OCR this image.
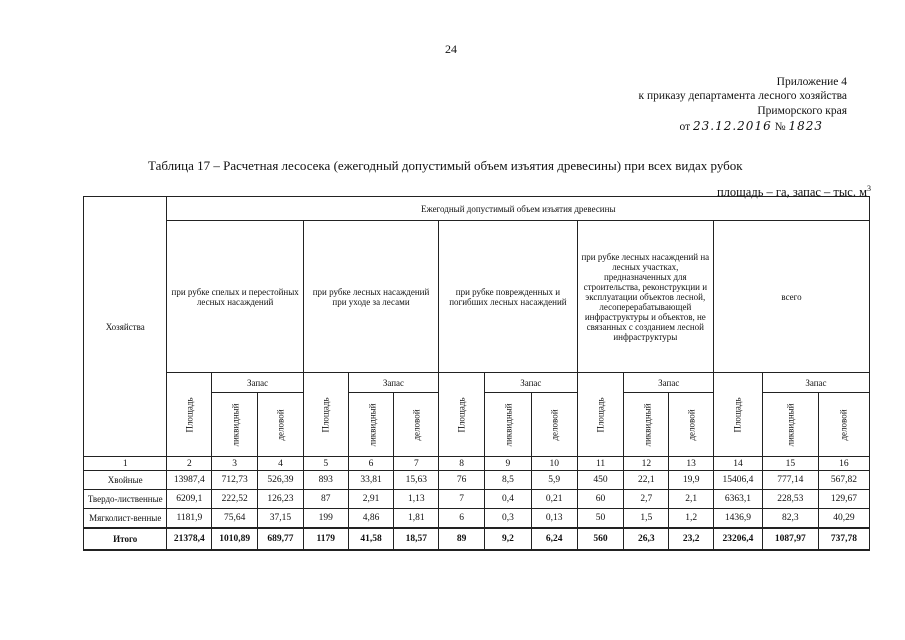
24
Приложение 4
к приказу департамента лесного хозяйства
Приморского края
от 23.12.2016 № 1823
Таблица 17 – Расчетная лесосека (ежегодный допустимый объем изъятия древесины) при всех видах рубок
площадь – га, запас – тыс. $м^3$
Хозяйства	Ежегодный допустимый объем изъятия древесины														
	при рубке спелых и перестойных лесных насаждений			при рубке лесных насаждений при уходе за лесами			при рубке поврежденных и погибших лесных насаждений			при рубке лесных насаждений на лесных участках, предназначенных для строительства, реконструкции и эксплуатации объектов лесной, лесоперерабатывающей инфраструктуры и объектов, не связанных с созданием лесной инфраструктуры			всего		
	Площадь	Запас		Площадь	Запас		Площадь	Запас		Площадь	Запас		Площадь	Запас	
		ликвидный	деловой		ликвидный	деловой		ликвидный	деловой		ликвидный	деловой		ликвидный	деловой
1	2	3	4	5	6	7	8	9	10	11	12	13	14	15	16
Хвойные	13987,4	712,73	526,39	893	33,81	15,63	76	8,5	5,9	450	22,1	19,9	15406,4	777,14	567,82
Твердо-лиственные	6209,1	222,52	126,23	87	2,91	1,13	7	0,4	0,21	60	2,7	2,1	6363,1	228,53	129,67
Мягколист-венные	1181,9	75,64	37,15	199	4,86	1,81	6	0,3	0,13	50	1,5	1,2	1436,9	82,3	40,29
Итого	21378,4	1010,89	689,77	1179	41,58	18,57	89	9,2	6,24	560	26,3	23,2	23206,4	1087,97	737,78
